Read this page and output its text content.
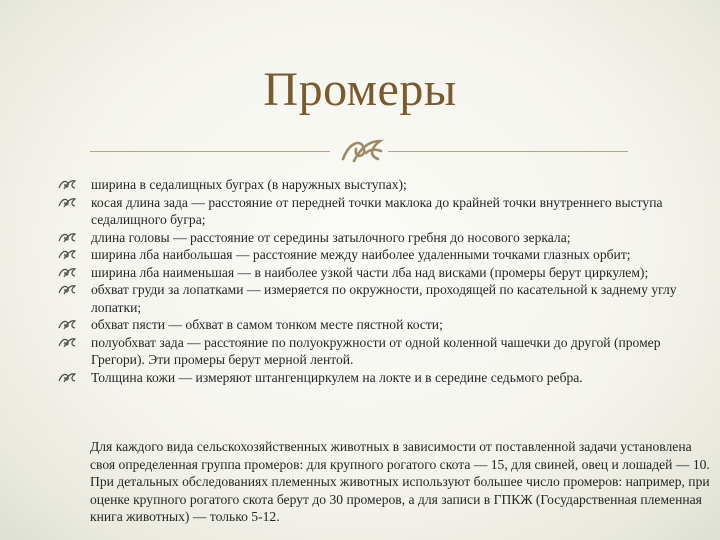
Промеры
ширина в седалищных буграх (в наружных выступах);
косая длина зада — расстояние от передней точки маклока до крайней точки внутреннего выступа седалищного бугра;
длина головы — расстояние от середины затылочного гребня до носового зеркала;
ширина лба наибольшая — расстояние между наиболее удаленными точками глазных орбит;
ширина лба наименьшая — в наиболее узкой части лба над висками (промеры берут циркулем);
обхват груди за лопатками — измеряется по окружности, проходящей по касательной к заднему углу лопатки;
обхват пясти — обхват в самом тонком месте пястной кости;
полуобхват зада — расстояние по полуокружности от одной коленной чашечки до другой (промер Грегори). Эти промеры берут мерной лентой.
Толщина кожи — измеряют штангенциркулем на локте и в середине седьмого ребра.

Для каждого вида сельскохозяйственных животных в зависимости от поставленной задачи установлена своя определенная группа промеров: для крупного рогатого скота — 15, для свиней, овец и лошадей — 10. При детальных обследованиях племенных животных используют большее число промеров: например, при оценке крупного рогатого скота берут до 30 промеров, а для записи в ГПКЖ (Государственная племенная книга животных) — только 5-12.
